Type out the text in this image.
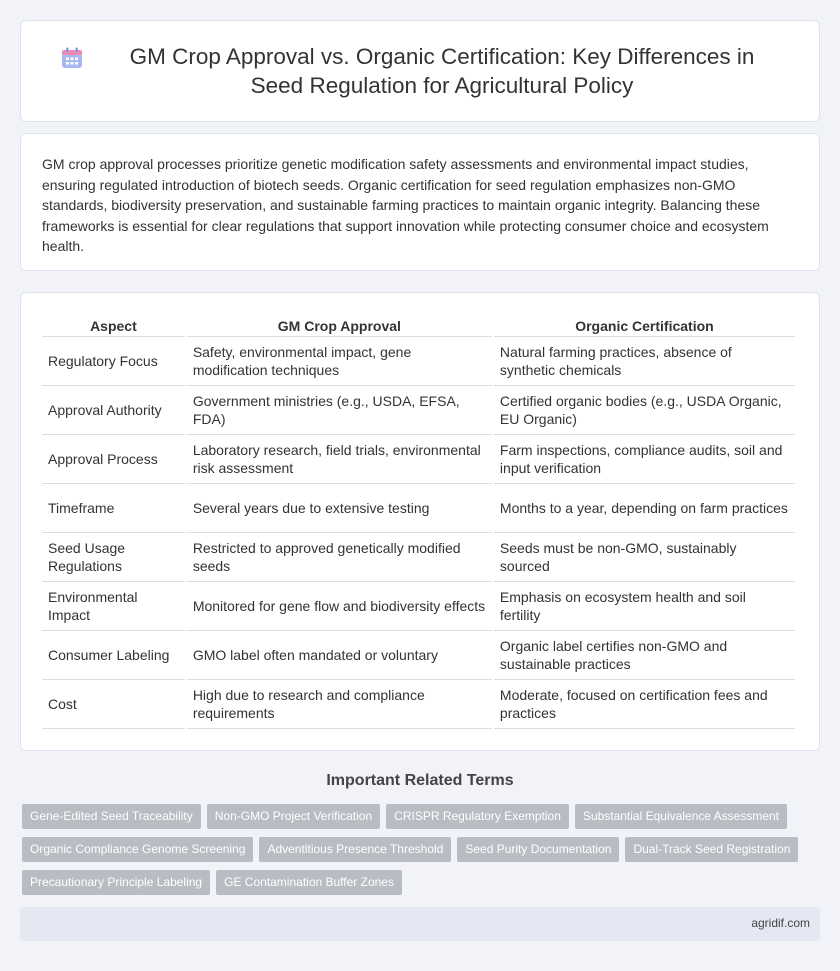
GM Crop Approval vs. Organic Certification: Key Differences in Seed Regulation for Agricultural Policy

GM crop approval processes prioritize genetic modification safety assessments and environmental impact studies, ensuring regulated introduction of biotech seeds. Organic certification for seed regulation emphasizes non-GMO standards, biodiversity preservation, and sustainable farming practices to maintain organic integrity. Balancing these frameworks is essential for clear regulations that support innovation while protecting consumer choice and ecosystem health.

Aspect	GM Crop Approval	Organic Certification
Regulatory Focus	Safety, environmental impact, gene modification techniques	Natural farming practices, absence of synthetic chemicals
Approval Authority	Government ministries (e.g., USDA, EFSA, FDA)	Certified organic bodies (e.g., USDA Organic, EU Organic)
Approval Process	Laboratory research, field trials, environmental risk assessment	Farm inspections, compliance audits, soil and input verification
Timeframe	Several years due to extensive testing	Months to a year, depending on farm practices
Seed Usage Regulations	Restricted to approved genetically modified seeds	Seeds must be non-GMO, sustainably sourced
Environmental Impact	Monitored for gene flow and biodiversity effects	Emphasis on ecosystem health and soil fertility
Consumer Labeling	GMO label often mandated or voluntary	Organic label certifies non-GMO and sustainable practices
Cost	High due to research and compliance requirements	Moderate, focused on certification fees and practices
Important Related Terms
Gene-Edited Seed Traceability	Non-GMO Project Verification	CRISPR Regulatory Exemption	Substantial Equivalence Assessment
Organic Compliance Genome Screening	Adventitious Presence Threshold	Seed Purity Documentation	Dual-Track Seed Registration
Precautionary Principle Labeling	GE Contamination Buffer Zones
agridif.com
